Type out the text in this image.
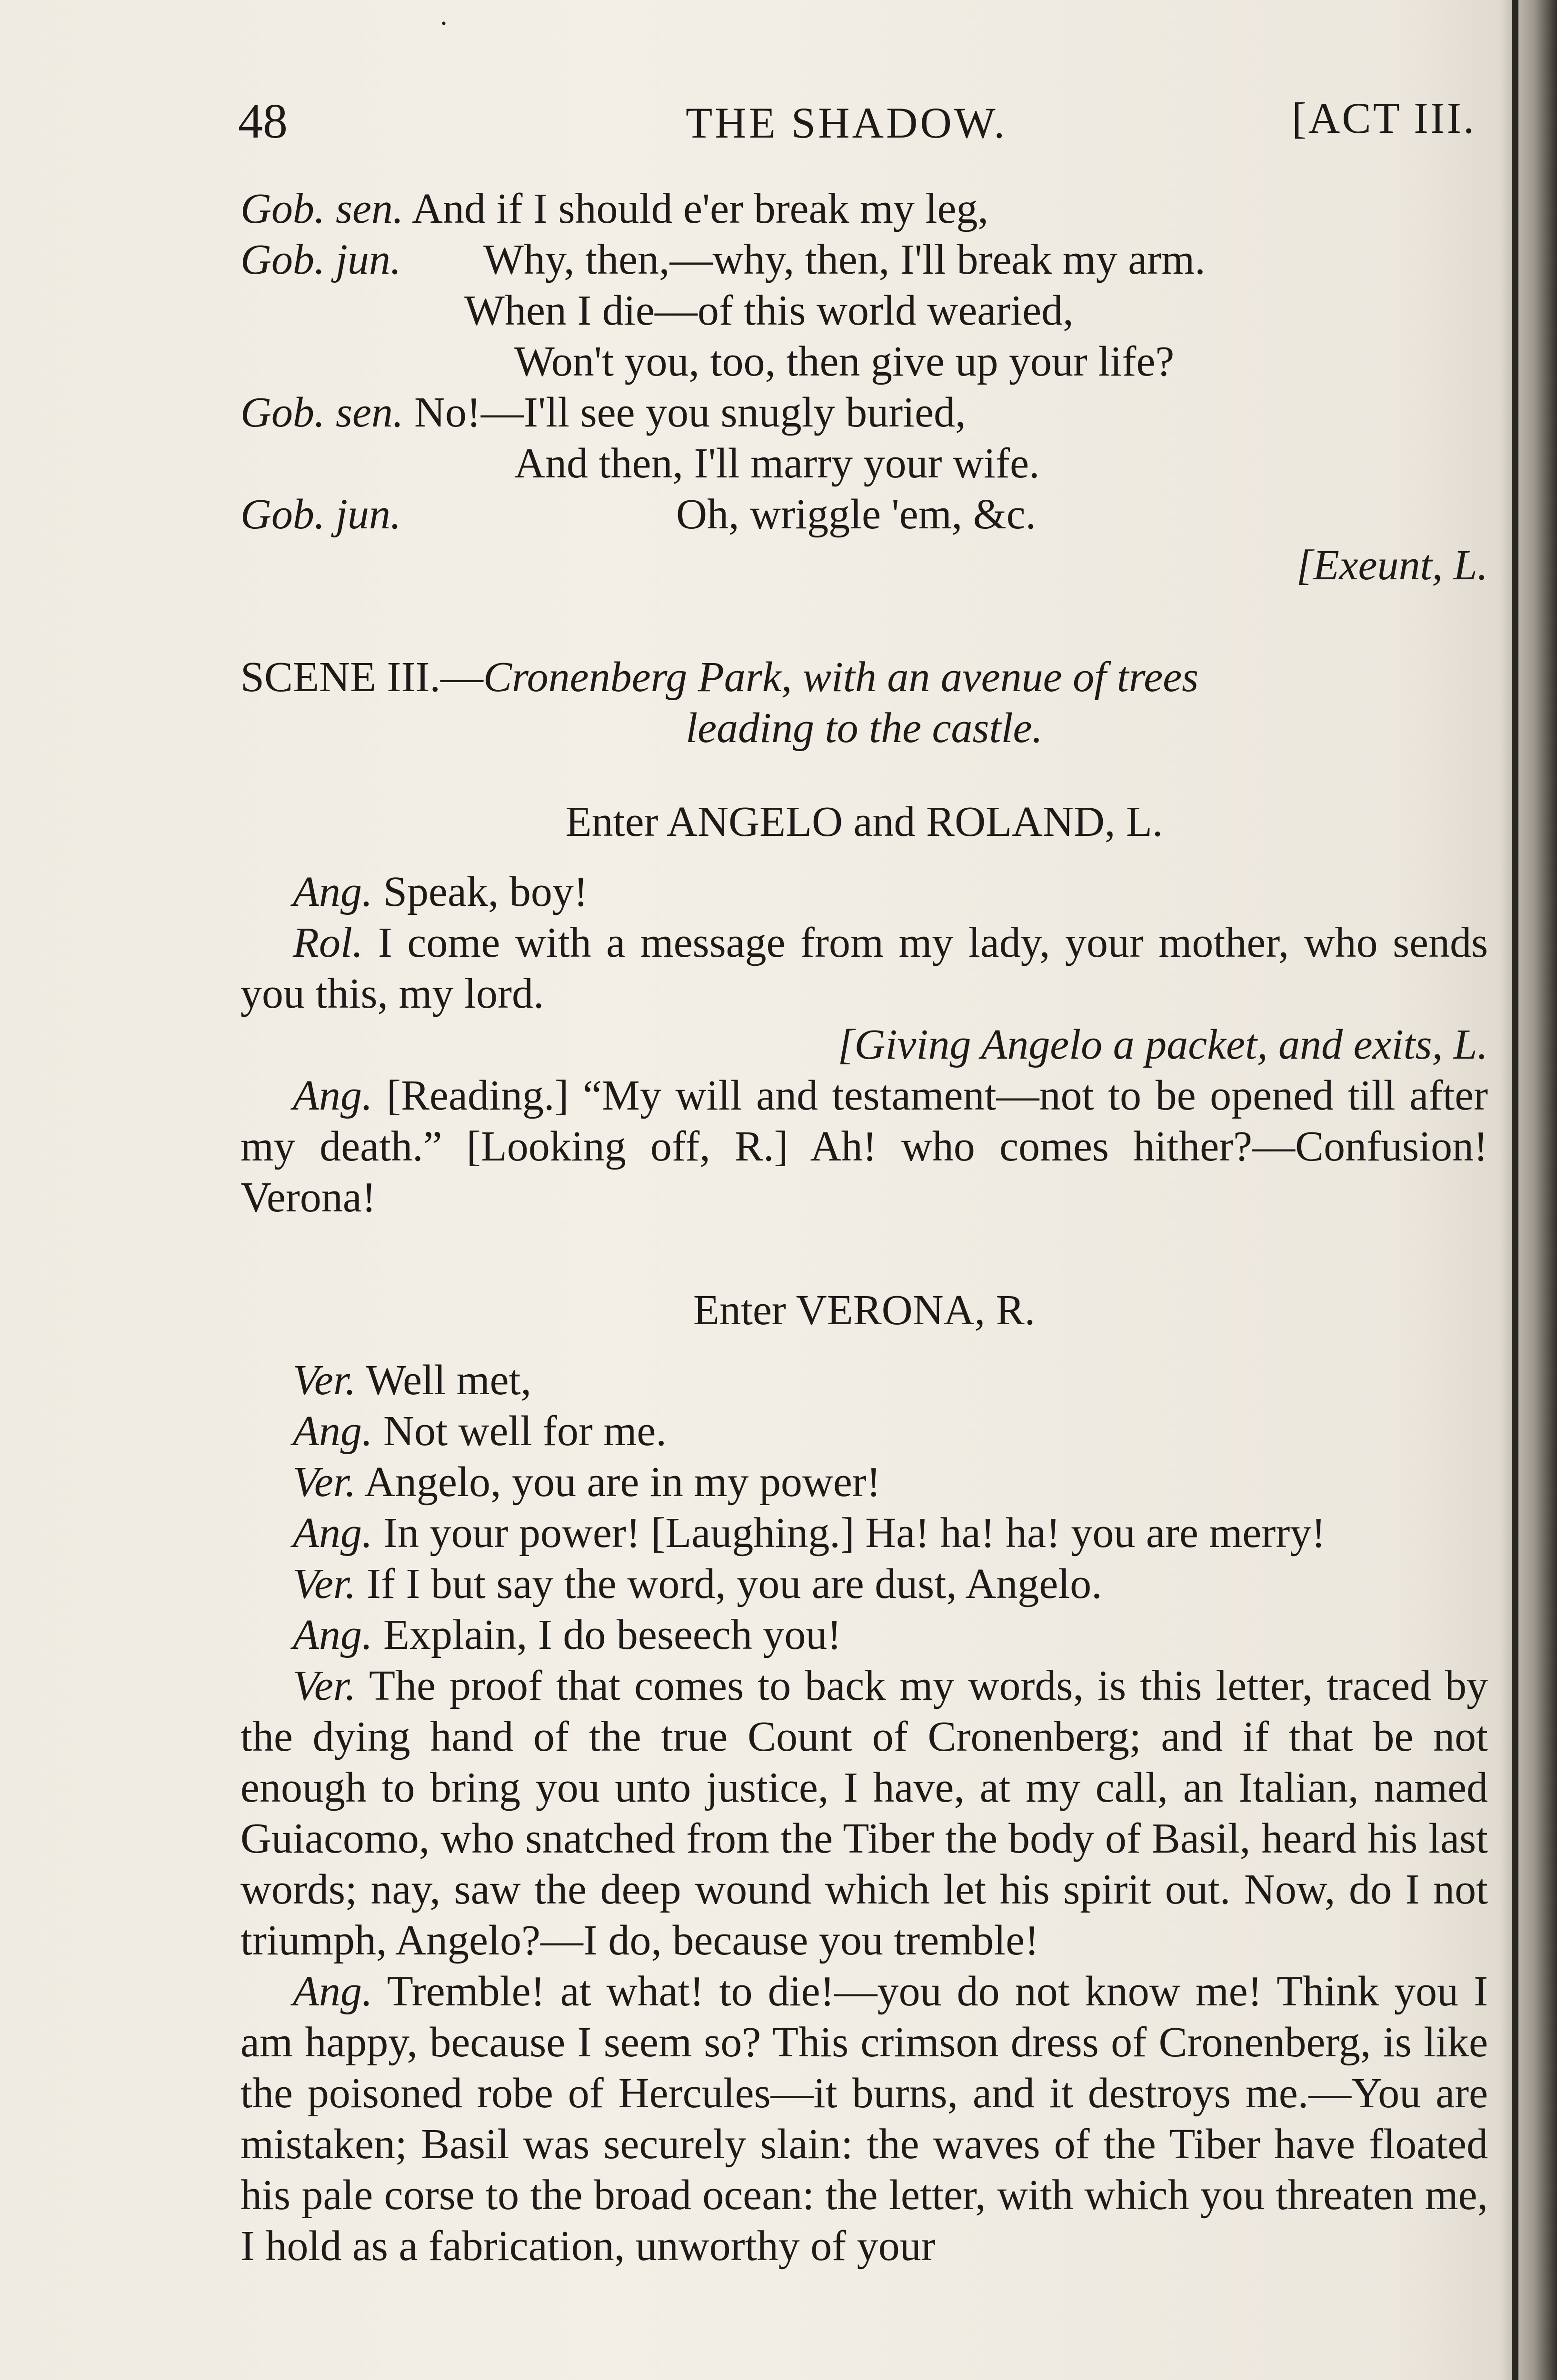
48	THE SHADOW.	[ACT III.
Gob. sen. And if I should e'er break my leg,
Gob. jun. Why, then,—why, then, I'll break my arm.
When I die—of this world wearied,
Won't you, too, then give up your life?
Gob. sen. No!—I'll see you snugly buried,
And then, I'll marry your wife.
Gob. jun.	Oh, wriggle 'em, &c.
[Exeunt, L.
SCENE III.—Cronenberg Park, with an avenue of trees
leading to the castle.
Enter ANGELO and ROLAND, L.
Ang. Speak, boy!
Rol. I come with a message from my lady, your mother, who sends you this, my lord.
[Giving Angelo a packet, and exits, L.
Ang. [Reading.] “My will and testament—not to be opened till after my death.” [Looking off, R.] Ah! who comes hither?—Confusion! Verona!
Enter VERONA, R.
Ver. Well met,
Ang. Not well for me.
Ver. Angelo, you are in my power!
Ang. In your power! [Laughing.] Ha! ha! ha! you are merry!
Ver. If I but say the word, you are dust, Angelo.
Ang. Explain, I do beseech you!
Ver. The proof that comes to back my words, is this letter, traced by the dying hand of the true Count of Cronenberg; and if that be not enough to bring you unto justice, I have, at my call, an Italian, named Guiacomo, who snatched from the Tiber the body of Basil, heard his last words; nay, saw the deep wound which let his spirit out. Now, do I not triumph, Angelo?—I do, because you tremble!
Ang. Tremble! at what! to die!—you do not know me! Think you I am happy, because I seem so? This crimson dress of Cronenberg, is like the poisoned robe of Hercules—it burns, and it destroys me.—You are mistaken; Basil was securely slain: the waves of the Tiber have floated his pale corse to the broad ocean: the letter, with which you threaten me, I hold as a fabrication, unworthy of your
·
